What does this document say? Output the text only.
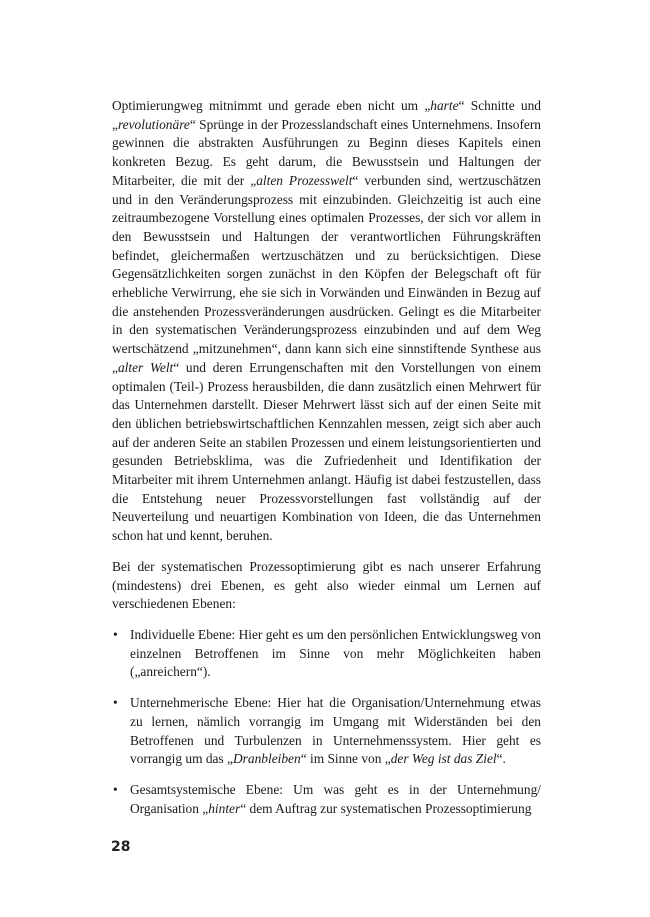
Optimierungweg mitnimmt und gerade eben nicht um „harte“ Schnitte und „revolutionäre“ Sprünge in der Prozesslandschaft eines Unternehmens. Insofern gewinnen die abstrakten Ausführungen zu Beginn dieses Kapitels einen konkreten Bezug. Es geht darum, die Bewusstsein und Haltungen der Mitarbeiter, die mit der „alten Prozesswelt“ verbunden sind, wertzuschätzen und in den Veränderungsprozess mit einzubinden. Gleichzeitig ist auch eine zeitraumbezogene Vorstellung eines optimalen Prozesses, der sich vor allem in den Bewusstsein und Haltungen der verantwortlichen Führungskräften befindet, gleichermaßen wertzuschätzen und zu berücksichtigen. Diese Gegensätzlichkeiten sorgen zunächst in den Köpfen der Belegschaft oft für erhebliche Verwirrung, ehe sie sich in Vorwänden und Einwänden in Bezug auf die anstehenden Prozessveränderungen ausdrücken. Gelingt es die Mitarbeiter in den systematischen Veränderungsprozess einzubinden und auf dem Weg wertschätzend „mitzunehmen“, dann kann sich eine sinnstiftende Synthese aus „alter Welt“ und deren Errungenschaften mit den Vorstellungen von einem optimalen (Teil-) Prozess herausbilden, die dann zusätzlich einen Mehrwert für das Unternehmen darstellt. Dieser Mehrwert lässt sich auf der einen Seite mit den üblichen betriebswirtschaftlichen Kennzahlen messen, zeigt sich aber auch auf der anderen Seite an stabilen Prozessen und einem leistungsorientierten und gesunden Betriebsklima, was die Zufriedenheit und Identifikation der Mitarbeiter mit ihrem Unternehmen anlangt. Häufig ist dabei festzustellen, dass die Entstehung neuer Prozessvorstellungen fast vollständig auf der Neuverteilung und neuartigen Kombination von Ideen, die das Unternehmen schon hat und kennt, beruhen.

Bei der systematischen Prozessoptimierung gibt es nach unserer Erfahrung (mindestens) drei Ebenen, es geht also wieder einmal um Lernen auf verschiedenen Ebenen:

• Individuelle Ebene: Hier geht es um den persönlichen Entwicklungsweg von einzelnen Betroffenen im Sinne von mehr Möglichkeiten haben („anreichern“).
• Unternehmerische Ebene: Hier hat die Organisation/Unternehmung etwas zu lernen, nämlich vorrangig im Umgang mit Widerständen bei den Betroffenen und Turbulenzen in Unternehmenssystem. Hier geht es vorrangig um das „Dranbleiben“ im Sinne von „der Weg ist das Ziel“.
• Gesamtsystemische Ebene: Um was geht es in der Unternehmung/ Organisation „hinter“ dem Auftrag zur systematischen Prozessoptimierung
28
